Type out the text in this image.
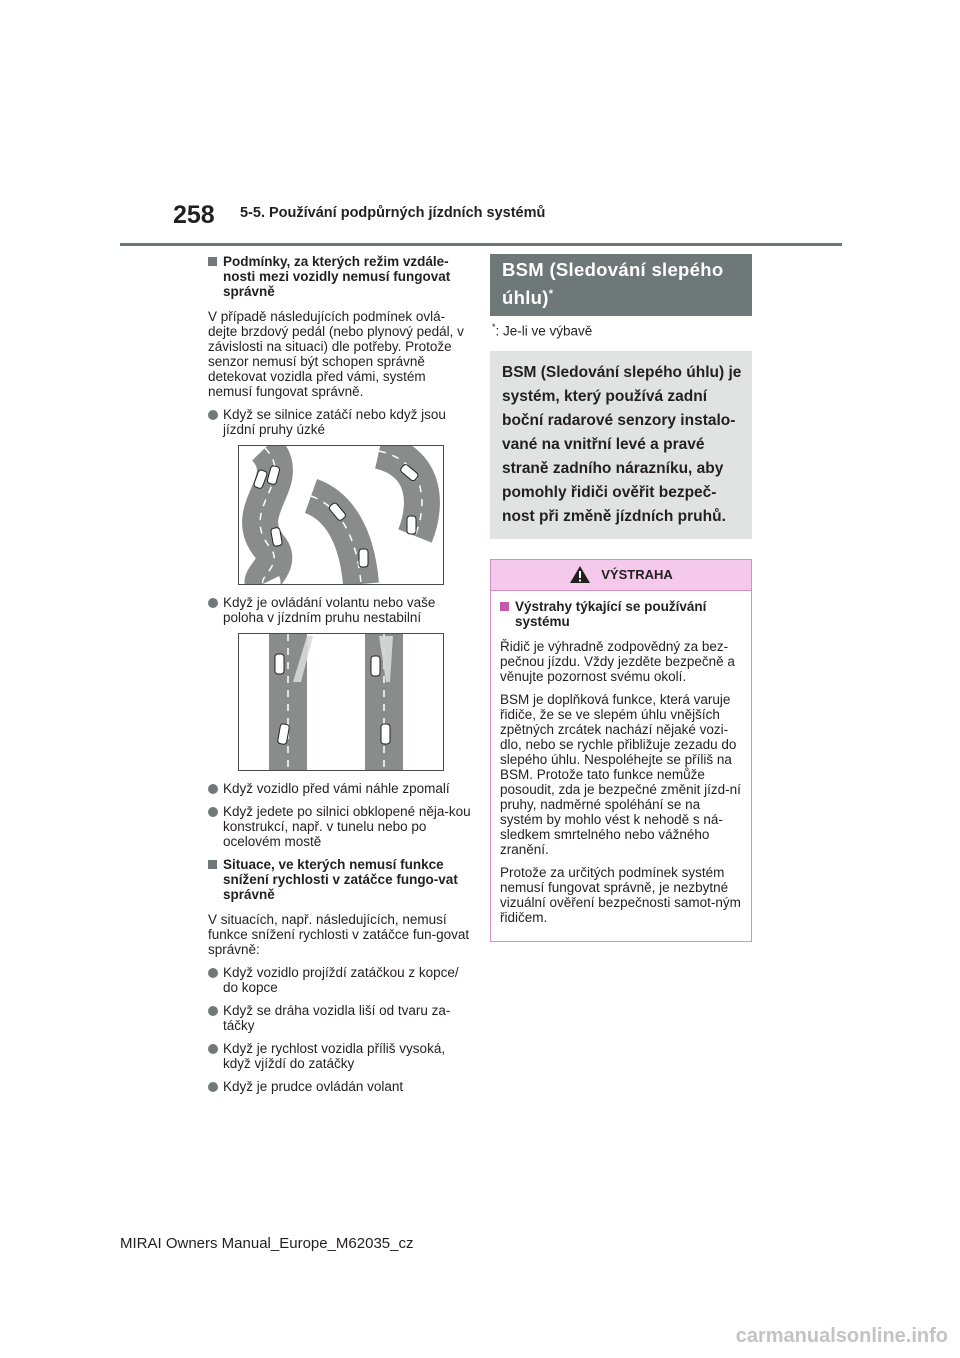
258 5-5. Používání podpůrných jízdních systémů
Podmínky, za kterých režim vzdále-nosti mezi vozidly nemusí fungovat správně

V případě následujících podmínek ovlá-dejte brzdový pedál (nebo plynový pedál, v závislosti na situaci) dle potřeby. Protože senzor nemusí být schopen správně detekovat vozidla před vámi, systém nemusí fungovat správně.

Když se silnice zatáčí nebo když jsou jízdní pruhy úzké
Když je ovládání volantu nebo vaše poloha v jízdním pruhu nestabilní
Když vozidlo před vámi náhle zpomalí
Když jedete po silnici obklopené něja-kou konstrukcí, např. v tunelu nebo po ocelovém mostě
Situace, ve kterých nemusí funkce snížení rychlosti v zatáčce fungo-vat správně

V situacích, např. následujících, nemusí funkce snížení rychlosti v zatáčce fun-govat správně:

Když vozidlo projíždí zatáčkou z kopce/ do kopce
Když se dráha vozidla liší od tvaru za-táčky
Když je rychlost vozidla příliš vysoká, když vjíždí do zatáčky
Když je prudce ovládán volant
BSM (Sledování slepého úhlu)*
*: Je-li ve výbavě
BSM (Sledování slepého úhlu) je systém, který používá zadní boční radarové senzory instalo-vané na vnitřní levé a pravé straně zadního nárazníku, aby pomohly řidiči ověřit bezpeč-nost při změně jízdních pruhů.
VÝSTRAHA
Výstrahy týkající se používání systému

Řidič je výhradně zodpovědný za bez-pečnou jízdu. Vždy jezděte bezpečně a věnujte pozornost svému okolí.

BSM je doplňková funkce, která varuje řidiče, že se ve slepém úhlu vnějších zpětných zrcátek nachází nějaké vozi-dlo, nebo se rychle přibližuje zezadu do slepého úhlu. Nespoléhejte se příliš na BSM. Protože tato funkce nemůže posoudit, zda je bezpečné změnit jízd-ní pruhy, nadměrné spoléhání se na systém by mohlo vést k nehodě s ná-sledkem smrtelného nebo vážného zranění.

Protože za určitých podmínek systém nemusí fungovat správně, je nezbytné vizuální ověření bezpečnosti samot-ným řidičem.

MIRAI Owners Manual_Europe_M62035_cz
carmanualsonline.info
